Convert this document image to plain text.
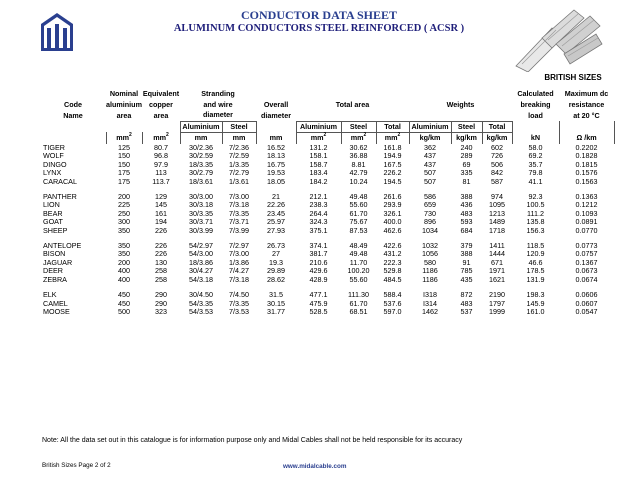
CONDUCTOR DATA SHEET
ALUMINUM CONDUCTORS STEEL REINFORCED ( ACSR )
BRITISH SIZES
	Nominal	Equivalent	Stranding									Calculated	Maximum dc
Code	aluminium	copper	and wire		Overall	Total area			Weights			breaking	resistance
Name	area	area	diameter		diameter							load	at 20 °C
			Aluminium	Steel		Aluminium	Steel	Total	Aluminium	Steel	Total		
	$mm^2$	$mm^2$	mm	mm	mm	$mm^2$	$mm^2$	$mm^2$	kg/km	kg/km	kg/km	kN	Ω /km
TIGER	125	80.7	30/2.36	7/2.36	16.52	131.2	30.62	161.8	362	240	602	58.0	0.2202
WOLF	150	96.8	30/2.59	7/2.59	18.13	158.1	36.88	194.9	437	289	726	69.2	0.1828
DINGO	150	97.9	18/3.35	1/3.35	16.75	158.7	8.81	167.5	437	69	506	35.7	0.1815
LYNX	175	113	30/2.79	7/2.79	19.53	183.4	42.79	226.2	507	335	842	79.8	0.1576
CARACAL	175	113.7	18/3.61	1/3.61	18.05	184.2	10.24	194.5	507	81	587	41.1	0.1563

PANTHER	200	129	30/3.00	7/3.00	21	212.1	49.48	261.6	586	388	974	92.3	0.1363
LION	225	145	30/3.18	7/3.18	22.26	238.3	55.60	293.9	659	436	1095	100.5	0.1212
BEAR	250	161	30/3.35	7/3.35	23.45	264.4	61.70	326.1	730	483	1213	111.2	0.1093
GOAT	300	194	30/3.71	7/3.71	25.97	324.3	75.67	400.0	896	593	1489	135.8	0.0891
SHEEP	350	226	30/3.99	7/3.99	27.93	375.1	87.53	462.6	1034	684	1718	156.3	0.0770

ANTELOPE	350	226	54/2.97	7/2.97	26.73	374.1	48.49	422.6	1032	379	1411	118.5	0.0773
BISON	350	226	54/3.00	7/3.00	27	381.7	49.48	431.2	1056	388	1444	120.9	0.0757
JAGUAR	200	130	18/3.86	1/3.86	19.3	210.6	11.70	222.3	580	91	671	46.6	0.1367
DEER	400	258	30/4.27	7/4.27	29.89	429.6	100.20	529.8	1186	785	1971	178.5	0.0673
ZEBRA	400	258	54/3.18	7/3.18	28.62	428.9	55.60	484.5	1186	435	1621	131.9	0.0674

ELK	450	290	30/4.50	7/4.50	31.5	477.1	111.30	588.4	I318	872	2190	198.3	0.0606
CAMEL	450	290	54/3.35	7/3.35	30.15	475.9	61.70	537.6	I314	483	1797	145.9	0.0607
MOOSE	500	323	54/3.53	7/3.53	31.77	528.5	68.51	597.0	1462	537	1999	161.0	0.0547
Note: All the data set out in this catalogue is for information purpose only and Midal Cables shall not be held responsible for its accuracy
British Sizes Page 2 of 2	www.midalcable.com
